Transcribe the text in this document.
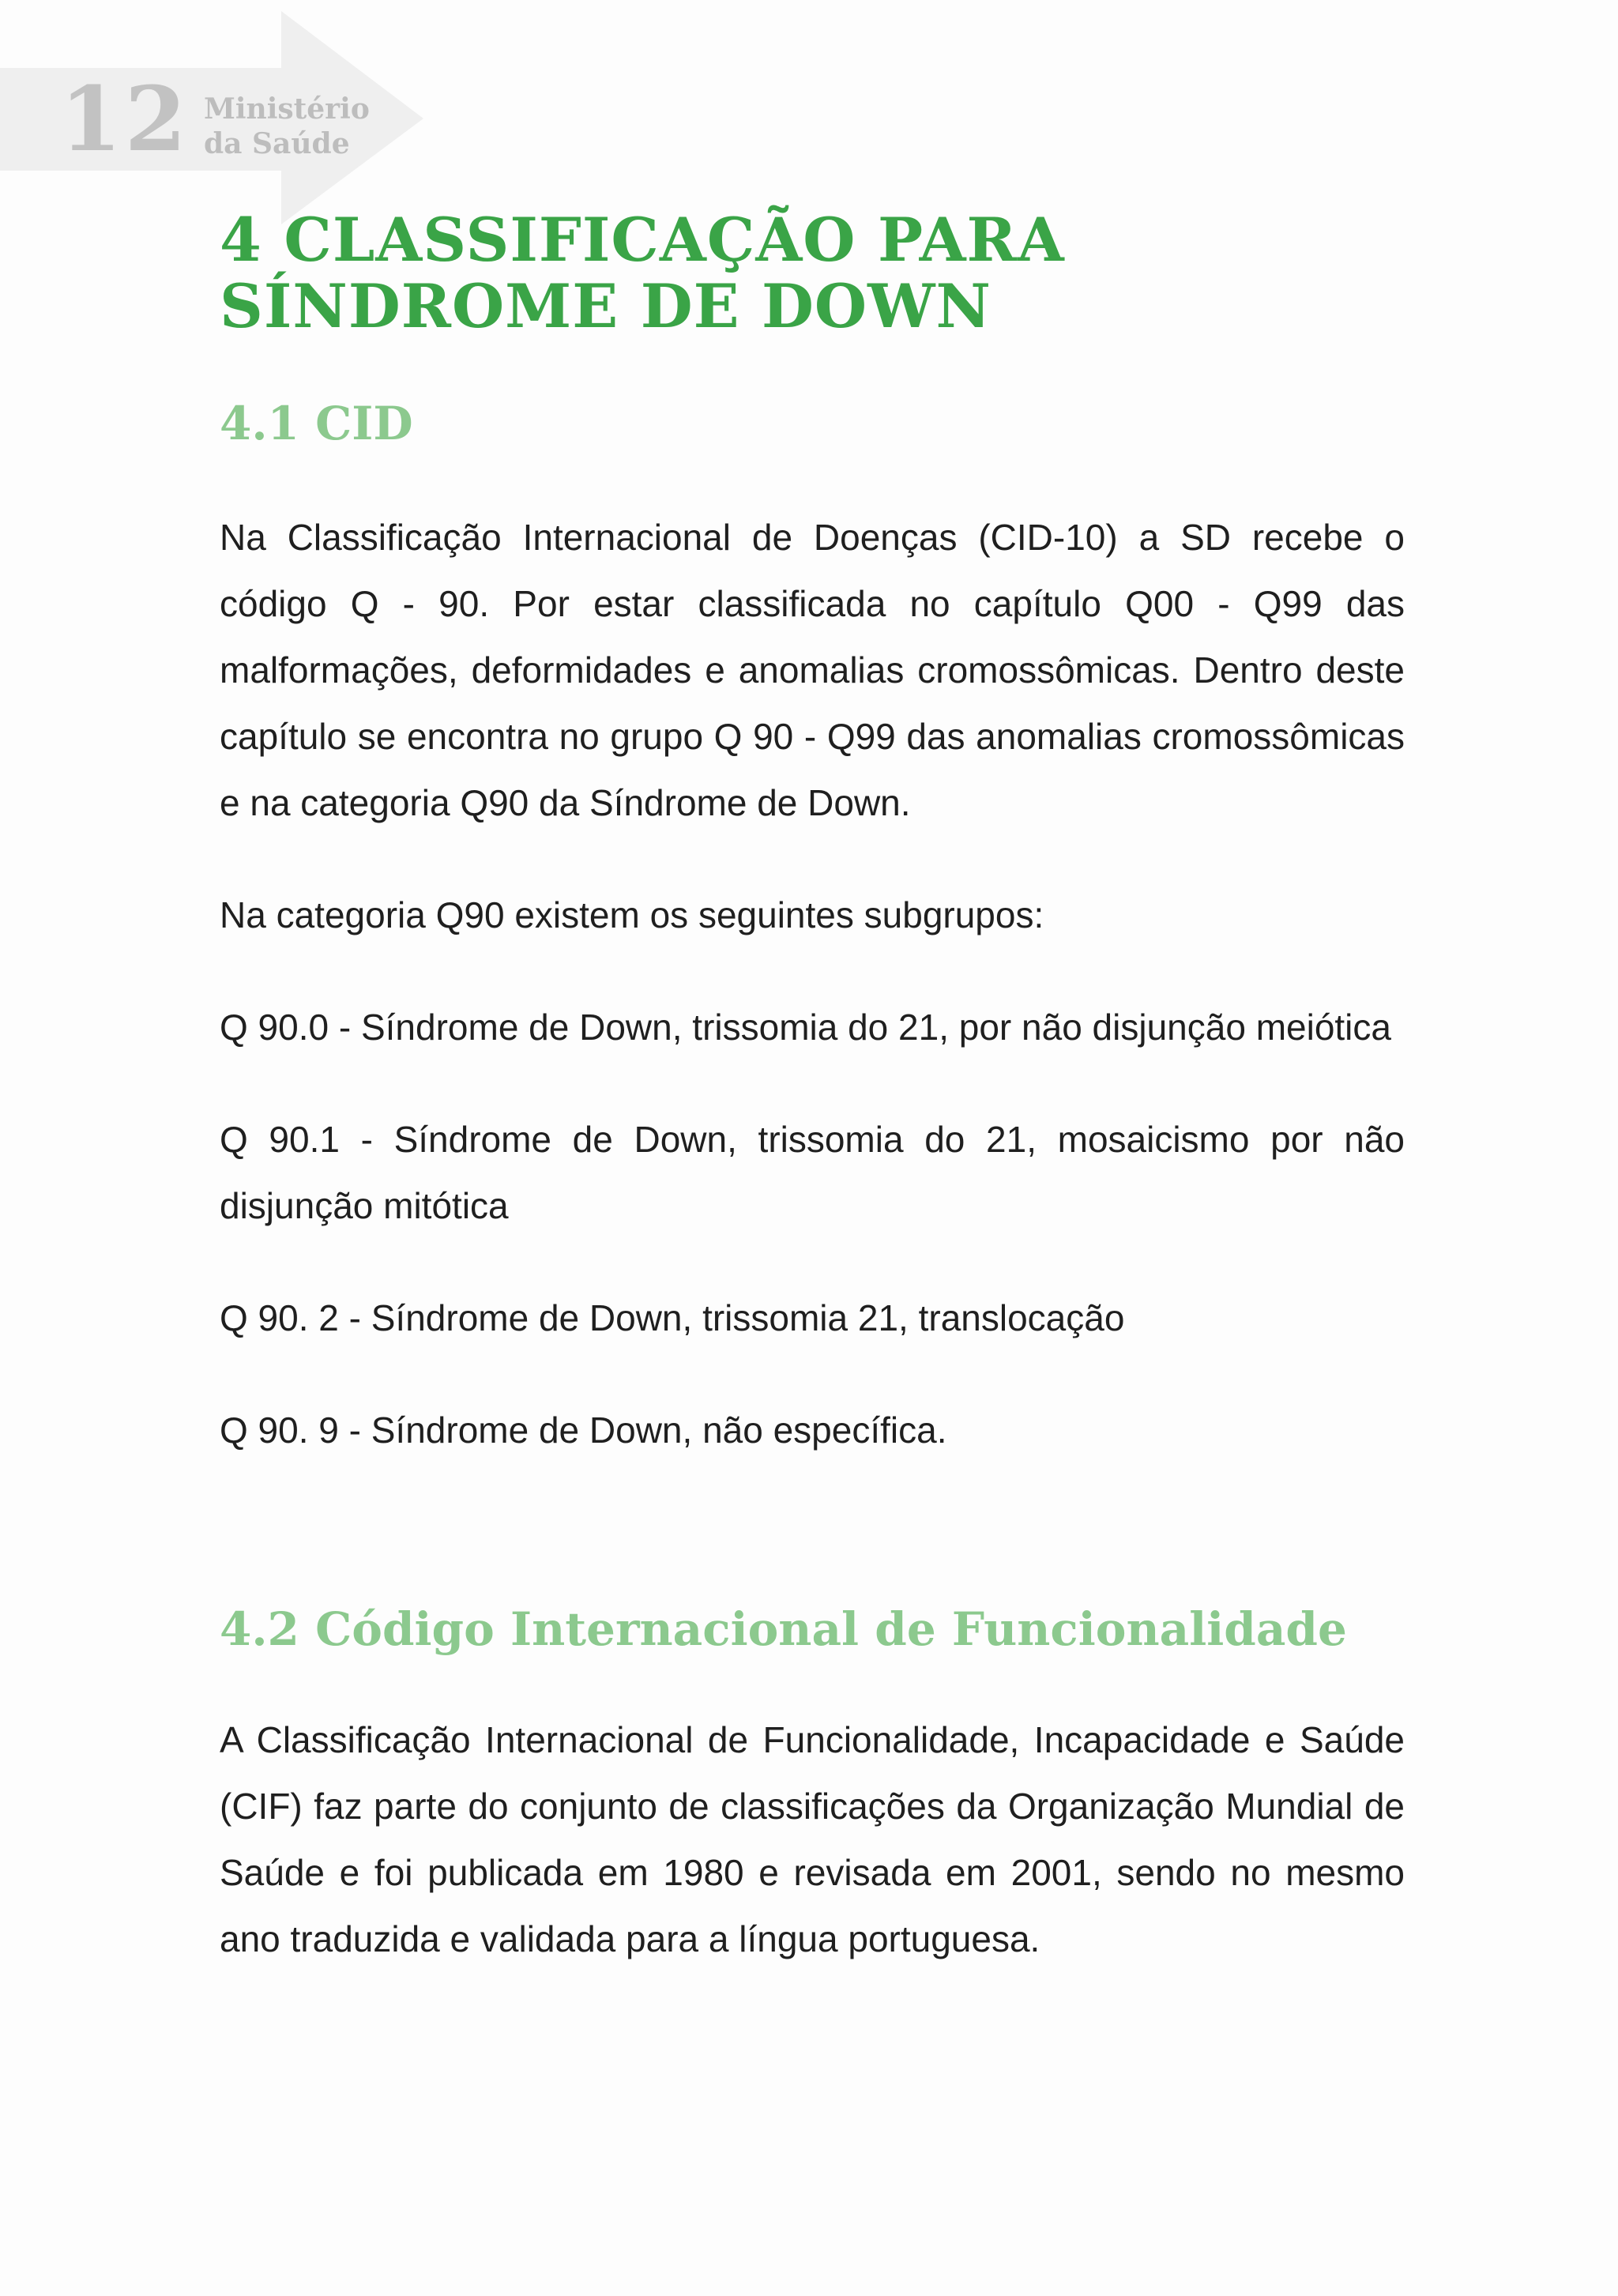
12 Ministério
da Saúde
4 CLASSIFICAÇÃO PARA SÍNDROME DE DOWN
4.1 CID

Na Classificação Internacional de Doenças (CID-10) a SD recebe o código Q - 90. Por estar classificada no capítulo Q00 - Q99 das malformações, deformidades e anomalias cromossômicas. Dentro deste capítulo se encontra no grupo Q 90 - Q99 das anomalias cromossômicas e na categoria Q90 da Síndrome de Down.

Na categoria Q90 existem os seguintes subgrupos:

Q 90.0 - Síndrome de Down, trissomia do 21, por não disjunção meiótica

Q 90.1 - Síndrome de Down, trissomia do 21, mosaicismo por não disjunção mitótica

Q 90. 2 - Síndrome de Down, trissomia 21, translocação

Q 90. 9 - Síndrome de Down, não específica.

4.2 Código Internacional de Funcionalidade

A Classificação Internacional de Funcionalidade, Incapacidade e Saúde (CIF) faz parte do conjunto de classificações da Organização Mundial de Saúde e foi publicada em 1980 e revisada em 2001, sendo no mesmo ano traduzida e validada para a língua portuguesa.
